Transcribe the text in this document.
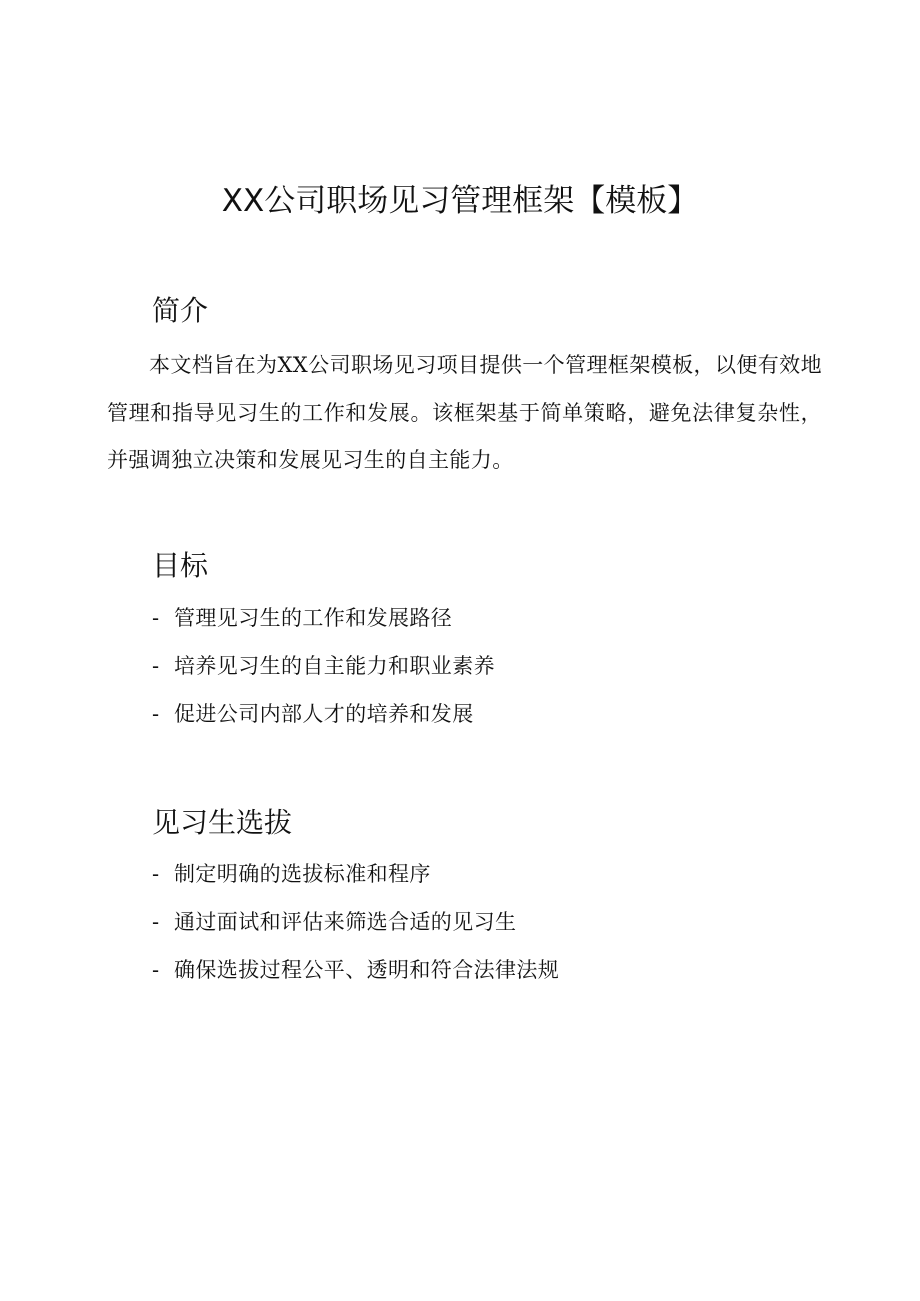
XX公司职场见习管理框架【模板】
简介

本文档旨在为XX公司职场见习项目提供一个管理框架模板，以便有效地管理和指导见习生的工作和发展。该框架基于简单策略，避免法律复杂性，并强调独立决策和发展见习生的自主能力。

目标
- 管理见习生的工作和发展路径
- 培养见习生的自主能力和职业素养
- 促进公司内部人才的培养和发展
见习生选拔
- 制定明确的选拔标准和程序
- 通过面试和评估来筛选合适的见习生
- 确保选拔过程公平、透明和符合法律法规
